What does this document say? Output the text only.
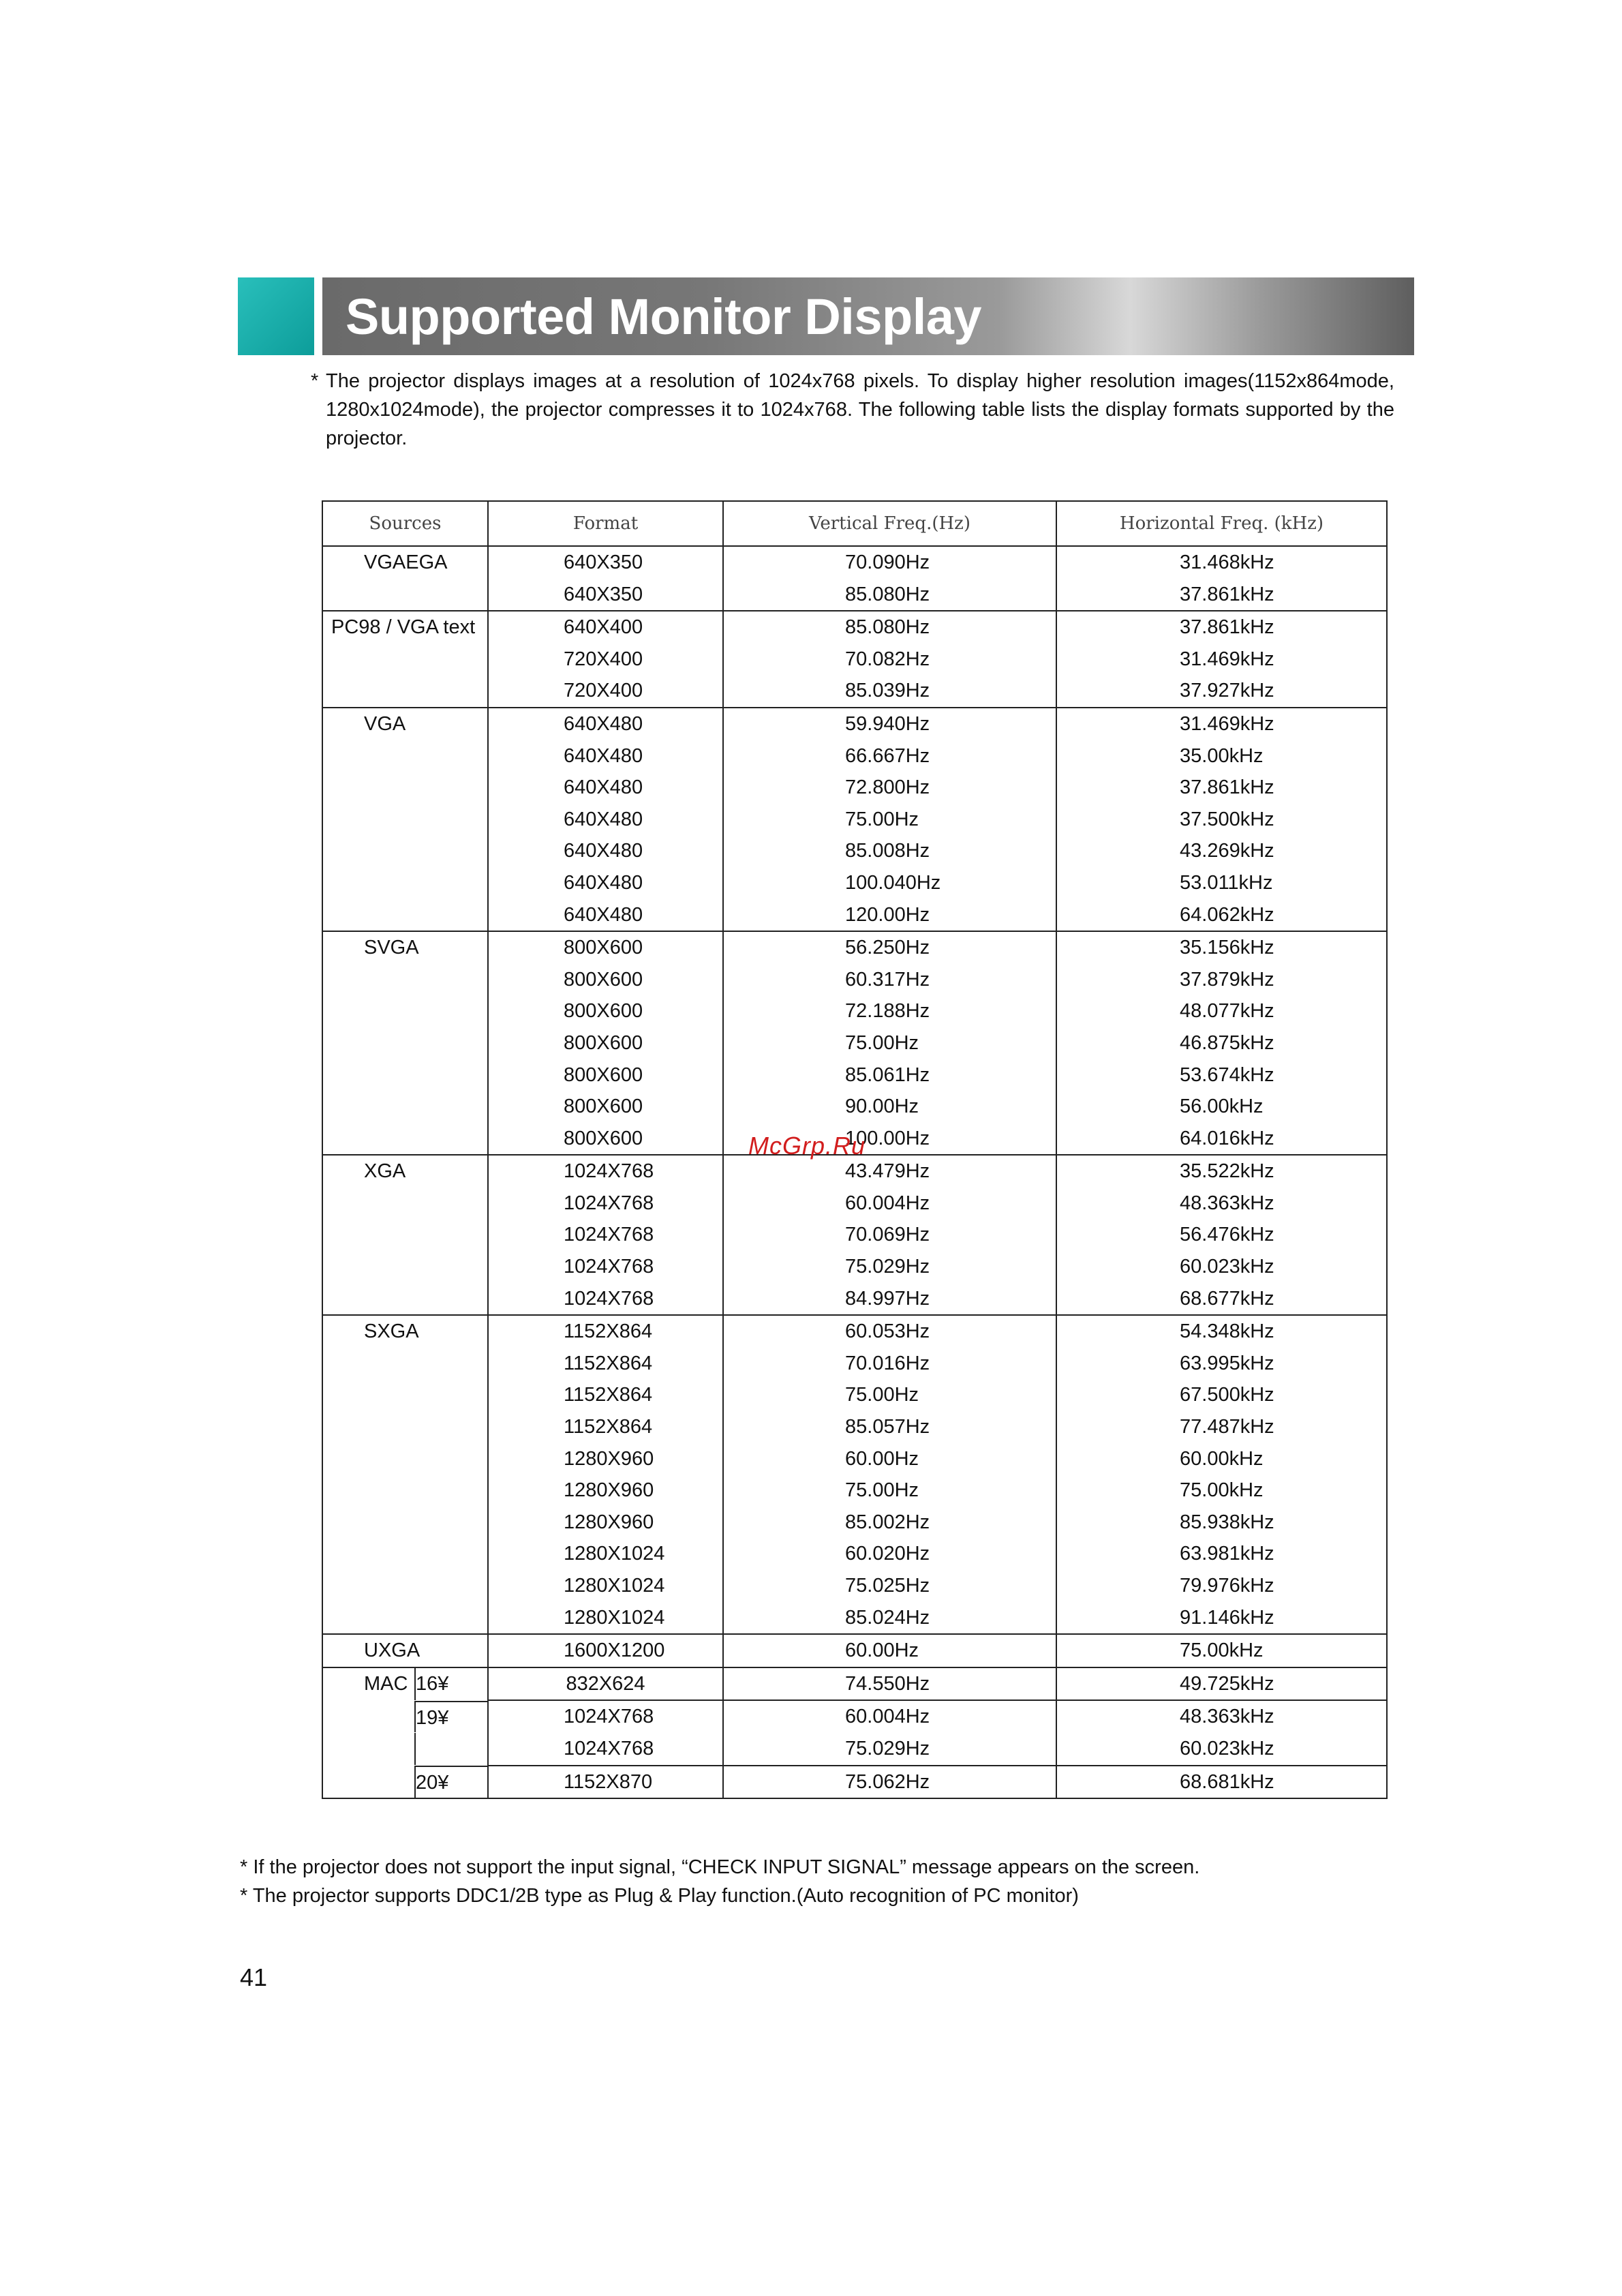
Supported Monitor Display
* The projector displays images at a resolution of 1024x768 pixels. To display higher resolution images(1152x864mode, 1280x1024mode), the projector compresses it to 1024x768. The following table lists the display formats supported by the projector.
Sources	Format	Vertical Freq.(Hz)	Horizontal Freq. (kHz)
VGAEGA	640X350	70.090Hz	31.468kHz
	640X350	85.080Hz	37.861kHz
PC98 / VGA text	640X400	85.080Hz	37.861kHz
	720X400	70.082Hz	31.469kHz
	720X400	85.039Hz	37.927kHz
VGA	640X480	59.940Hz	31.469kHz
	640X480	66.667Hz	35.00kHz
	640X480	72.800Hz	37.861kHz
	640X480	75.00Hz	37.500kHz
	640X480	85.008Hz	43.269kHz
	640X480	100.040Hz	53.011kHz
	640X480	120.00Hz	64.062kHz
SVGA	800X600	56.250Hz	35.156kHz
	800X600	60.317Hz	37.879kHz
	800X600	72.188Hz	48.077kHz
	800X600	75.00Hz	46.875kHz
	800X600	85.061Hz	53.674kHz
	800X600	90.00Hz	56.00kHz
	800X600	100.00Hz	64.016kHz
XGA	1024X768	43.479Hz	35.522kHz
	1024X768	60.004Hz	48.363kHz
	1024X768	70.069Hz	56.476kHz
	1024X768	75.029Hz	60.023kHz
	1024X768	84.997Hz	68.677kHz
SXGA	1152X864	60.053Hz	54.348kHz
	1152X864	70.016Hz	63.995kHz
	1152X864	75.00Hz	67.500kHz
	1152X864	85.057Hz	77.487kHz
	1280X960	60.00Hz	60.00kHz
	1280X960	75.00Hz	75.00kHz
	1280X960	85.002Hz	85.938kHz
	1280X1024	60.020Hz	63.981kHz
	1280X1024	75.025Hz	79.976kHz
	1280X1024	85.024Hz	91.146kHz
UXGA	1600X1200	60.00Hz	75.00kHz

MAC 16¥	832X624	74.550Hz	49.725kHz

19¥	1024X768	60.004Hz	48.363kHz

	1024X768	75.029Hz	60.023kHz

20¥	1152X870	75.062Hz	68.681kHz
McGrp.Ru
* If the projector does not support the input signal, “CHECK INPUT SIGNAL” message appears on the screen.
* The projector supports DDC1/2B type as Plug & Play function.(Auto recognition of PC monitor)
41
